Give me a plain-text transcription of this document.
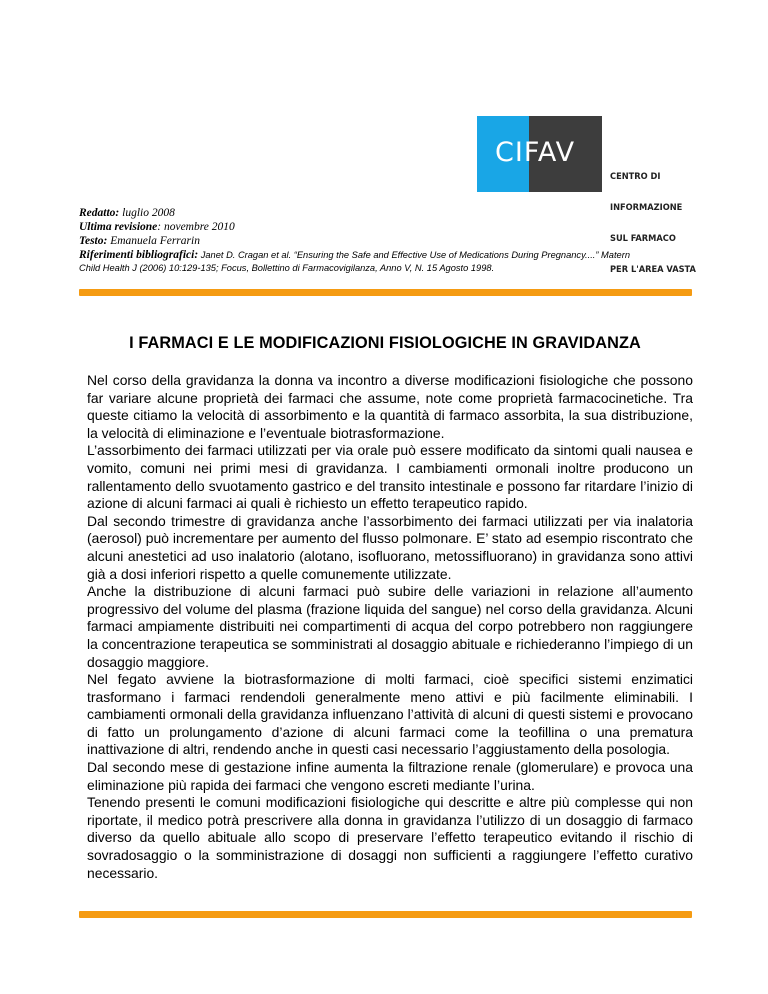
CIFAV

CENTRO DI

INFORMAZIONE

SUL FARMACO

PER L'AREA VASTA

Redatto: luglio 2008
Ultima revisione: novembre 2010
Testo: Emanuela Ferrarin
Riferimenti bibliografici: Janet D. Cragan et al. “Ensuring the Safe and Effective Use of Medications During Pregnancy....” Matern
Child Health J (2006) 10:129-135; Focus, Bollettino di Farmacovigilanza, Anno V, N. 15 Agosto 1998.
I FARMACI E LE MODIFICAZIONI FISIOLOGICHE IN GRAVIDANZA

Nel corso della gravidanza la donna va incontro a diverse modificazioni fisiologiche che possono far variare alcune proprietà dei farmaci che assume, note come proprietà farmacocinetiche. Tra queste citiamo la velocità di assorbimento e la quantità di farmaco assorbita, la sua distribuzione, la velocità di eliminazione e l’eventuale biotrasformazione.

L’assorbimento dei farmaci utilizzati per via orale può essere modificato da sintomi quali nausea e vomito, comuni nei primi mesi di gravidanza. I cambiamenti ormonali inoltre producono un rallentamento dello svuotamento gastrico e del transito intestinale e possono far ritardare l’inizio di azione di alcuni farmaci ai quali è richiesto un effetto terapeutico rapido.

Dal secondo trimestre di gravidanza anche l’assorbimento dei farmaci utilizzati per via inalatoria (aerosol) può incrementare per aumento del flusso polmonare. E’ stato ad esempio riscontrato che alcuni anestetici ad uso inalatorio (alotano, isofluorano, metossifluorano) in gravidanza sono attivi già a dosi inferiori rispetto a quelle comunemente utilizzate.

Anche la distribuzione di alcuni farmaci può subire delle variazioni in relazione all’aumento progressivo del volume del plasma (frazione liquida del sangue) nel corso della gravidanza. Alcuni farmaci ampiamente distribuiti nei compartimenti di acqua del corpo potrebbero non raggiungere la concentrazione terapeutica se somministrati al dosaggio abituale e richiederanno l’impiego di un dosaggio maggiore.

Nel fegato avviene la biotrasformazione di molti farmaci, cioè specifici sistemi enzimatici trasformano i farmaci rendendoli generalmente meno attivi e più facilmente eliminabili. I cambiamenti ormonali della gravidanza influenzano l’attività di alcuni di questi sistemi e provocano di fatto un prolungamento d’azione di alcuni farmaci come la teofillina o una prematura inattivazione di altri, rendendo anche in questi casi necessario l’aggiustamento della posologia.

Dal secondo mese di gestazione infine aumenta la filtrazione renale (glomerulare) e provoca una eliminazione più rapida dei farmaci che vengono escreti mediante l’urina.

Tenendo presenti le comuni modificazioni fisiologiche qui descritte e altre più complesse qui non riportate, il medico potrà prescrivere alla donna in gravidanza l’utilizzo di un dosaggio di farmaco diverso da quello abituale allo scopo di preservare l’effetto terapeutico evitando il rischio di sovradosaggio o la somministrazione di dosaggi non sufficienti a raggiungere l’effetto curativo necessario.
